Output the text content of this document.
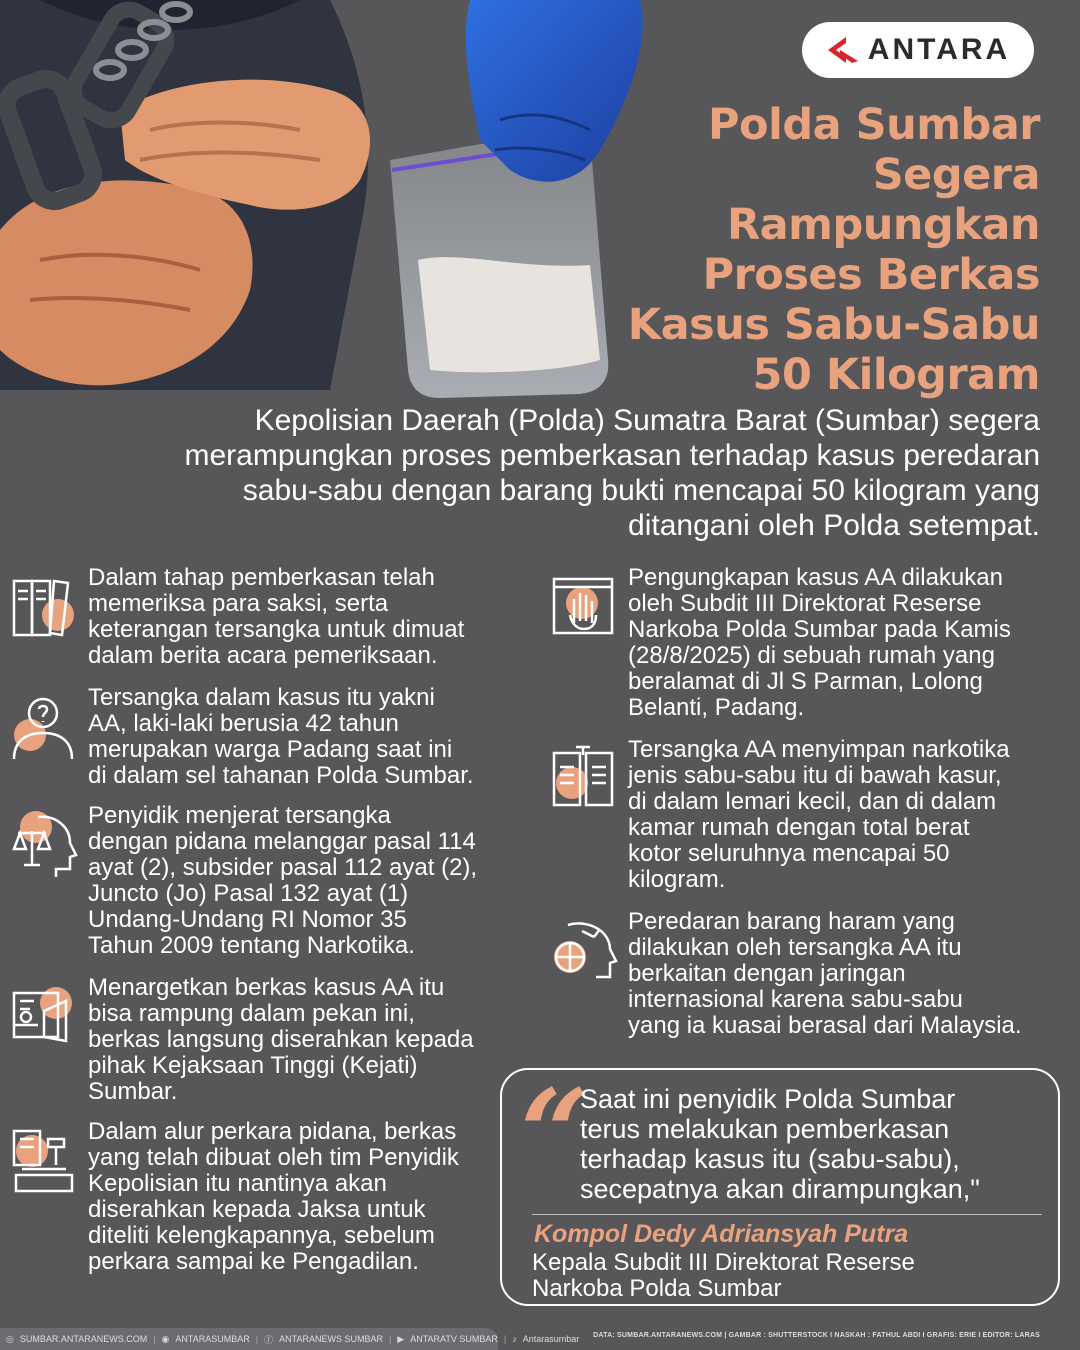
ANTARA
Polda Sumbar
Segera
Rampungkan
Proses Berkas
Kasus Sabu-Sabu
50 Kilogram
Kepolisian Daerah (Polda) Sumatra Barat (Sumbar) segera
merampungkan proses pemberkasan terhadap kasus peredaran
sabu-sabu dengan barang bukti mencapai 50 kilogram yang
ditangani oleh Polda setempat.
Dalam tahap pemberkasan telah
memeriksa para saksi, serta
keterangan tersangka untuk dimuat
dalam berita acara pemeriksaan.
Tersangka dalam kasus itu yakni
AA, laki-laki berusia 42 tahun
merupakan warga Padang saat ini
di dalam sel tahanan Polda Sumbar.
Penyidik menjerat tersangka
dengan pidana melanggar pasal 114
ayat (2), subsider pasal 112 ayat (2),
Juncto (Jo) Pasal 132 ayat (1)
Undang-Undang RI Nomor 35
Tahun 2009 tentang Narkotika.
Menargetkan berkas kasus AA itu
bisa rampung dalam pekan ini,
berkas langsung diserahkan kepada
pihak Kejaksaan Tinggi (Kejati)
Sumbar.
Dalam alur perkara pidana, berkas
yang telah dibuat oleh tim Penyidik
Kepolisian itu nantinya akan
diserahkan kepada Jaksa untuk
diteliti kelengkapannya, sebelum
perkara sampai ke Pengadilan.
Pengungkapan kasus AA dilakukan
oleh Subdit III Direktorat Reserse
Narkoba Polda Sumbar pada Kamis
(28/8/2025) di sebuah rumah yang
beralamat di Jl S Parman, Lolong
Belanti, Padang.
Tersangka AA menyimpan narkotika
jenis sabu-sabu itu di bawah kasur,
di dalam lemari kecil, dan di dalam
kamar rumah dengan total berat
kotor seluruhnya mencapai 50
kilogram.
Peredaran barang haram yang
dilakukan oleh tersangka AA itu
berkaitan dengan jaringan
internasional karena sabu-sabu
yang ia kuasai berasal dari Malaysia.
“
Saat ini penyidik Polda Sumbar
terus melakukan pemberkasan
terhadap kasus itu (sabu-sabu),
secepatnya akan dirampungkan,"
Kompol Dedy Adriansyah Putra
Kepala Subdit III Direktorat Reserse
Narkoba Polda Sumbar
◎ SUMBAR.ANTARANEWS.COM | ◉ ANTARASUMBAR | ⓕ ANTARANEWS SUMBAR | ▶ ANTARATV SUMBAR | ♪ Antarasumbar DATA: SUMBAR.ANTARANEWS.COM | GAMBAR : SHUTTERSTOCK I NASKAH : FATHUL ABDI I GRAFIS: ERIE I EDITOR: LARAS
